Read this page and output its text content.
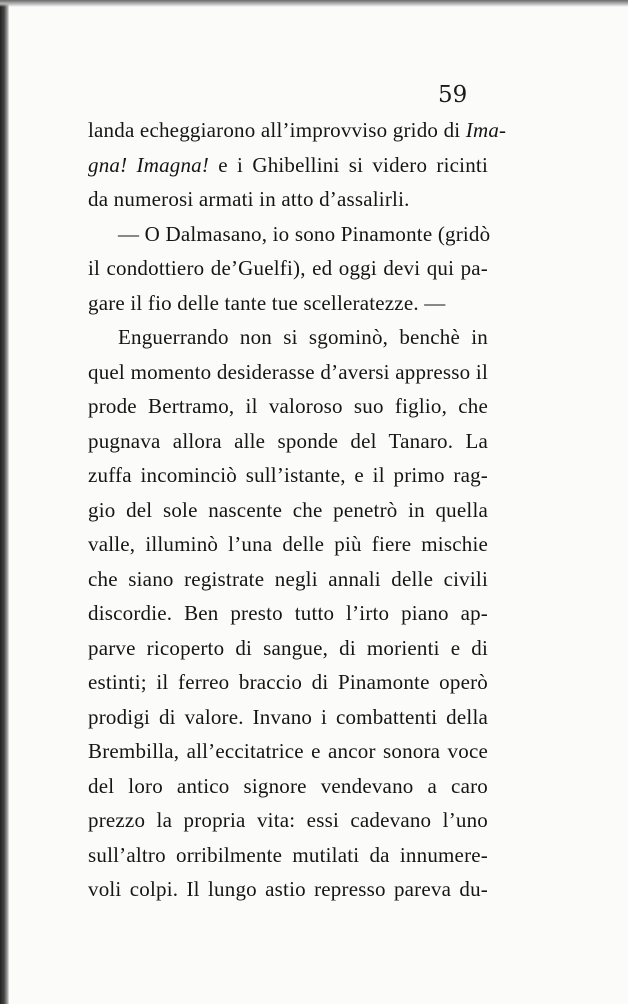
59

landa echeggiarono all’improvviso grido di Ima-
gna! Imagna! e i Ghibellini si videro ricinti
da numerosi armati in atto d’assalirli.
— O Dalmasano, io sono Pinamonte (gridò
il condottiero de’Guelfi), ed oggi devi qui pa-
gare il fio delle tante tue scelleratezze. —
Enguerrando non si sgominò, benchè in
quel momento desiderasse d’aversi appresso il
prode Bertramo, il valoroso suo figlio, che
pugnava allora alle sponde del Tanaro. La
zuffa incominciò sull’istante, e il primo rag-
gio del sole nascente che penetrò in quella
valle, illuminò l’una delle più fiere mischie
che siano registrate negli annali delle civili
discordie. Ben presto tutto l’irto piano ap-
parve ricoperto di sangue, di morienti e di
estinti; il ferreo braccio di Pinamonte operò
prodigi di valore. Invano i combattenti della
Brembilla, all’eccitatrice e ancor sonora voce
del loro antico signore vendevano a caro
prezzo la propria vita: essi cadevano l’uno
sull’altro orribilmente mutilati da innumere-
voli colpi. Il lungo astio represso pareva du-
